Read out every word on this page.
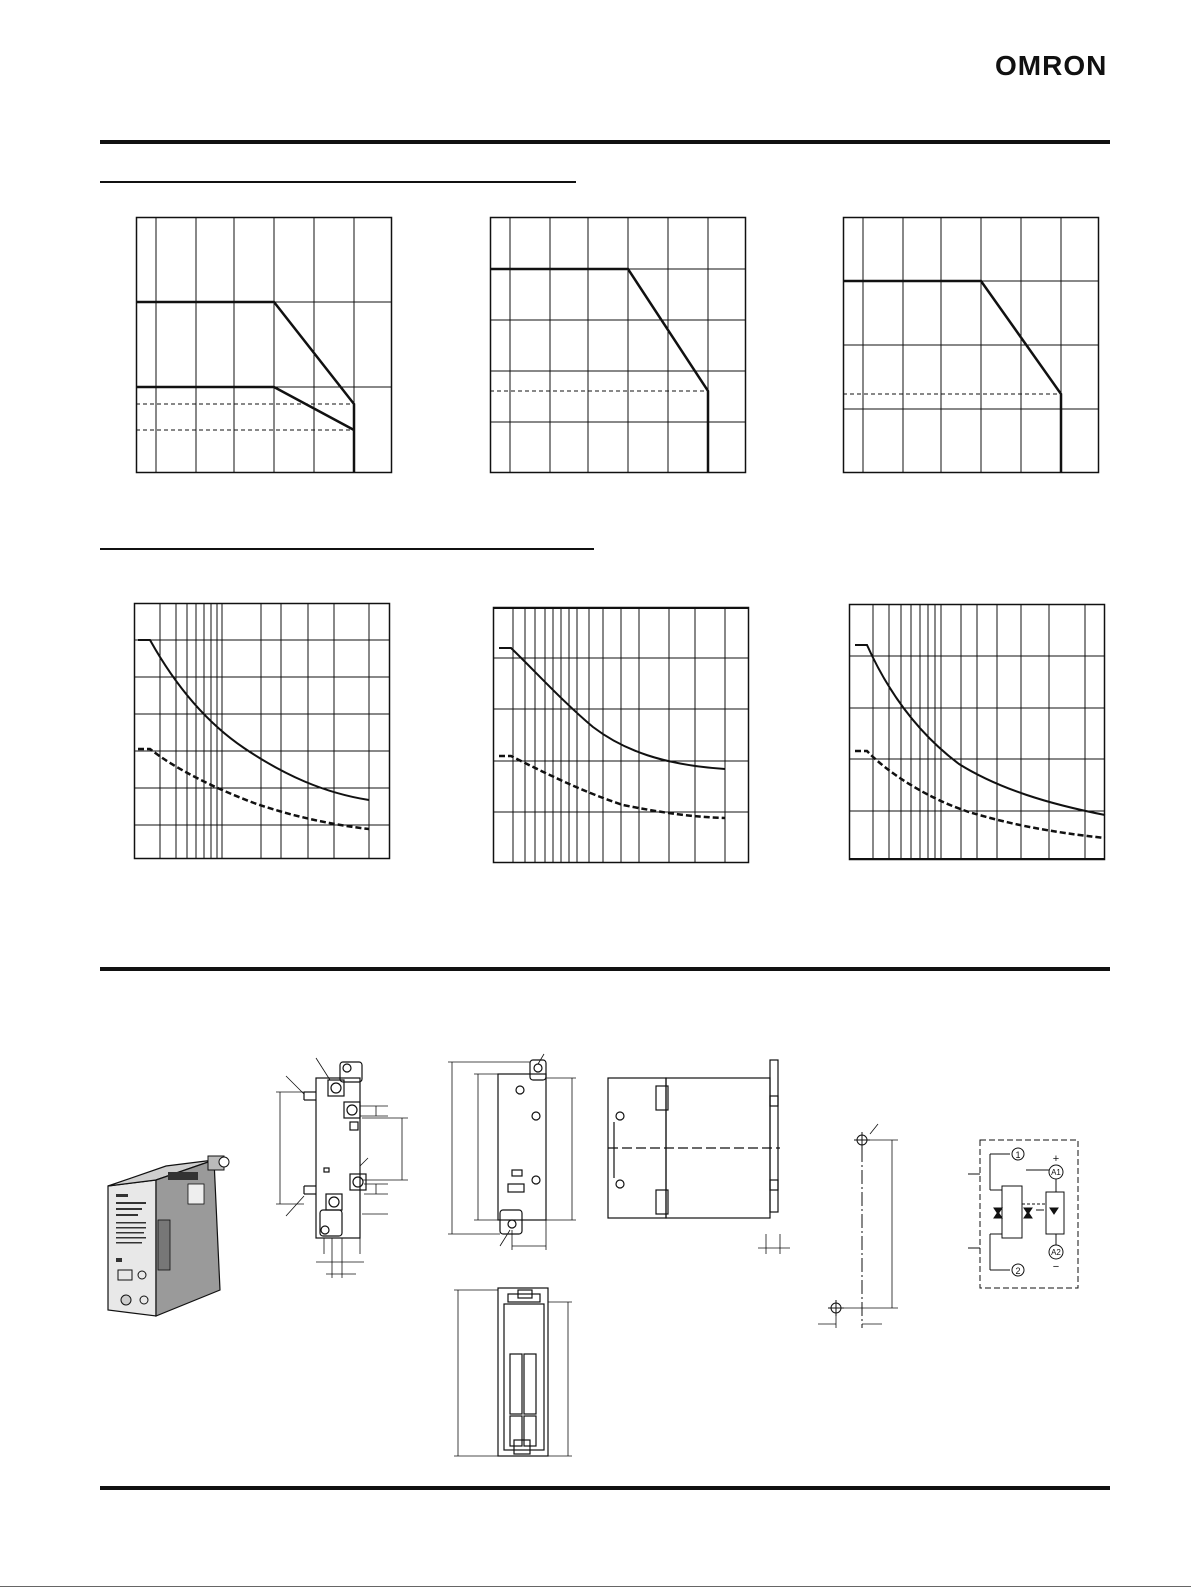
OMRON
1
2
A1
A2
+
−
